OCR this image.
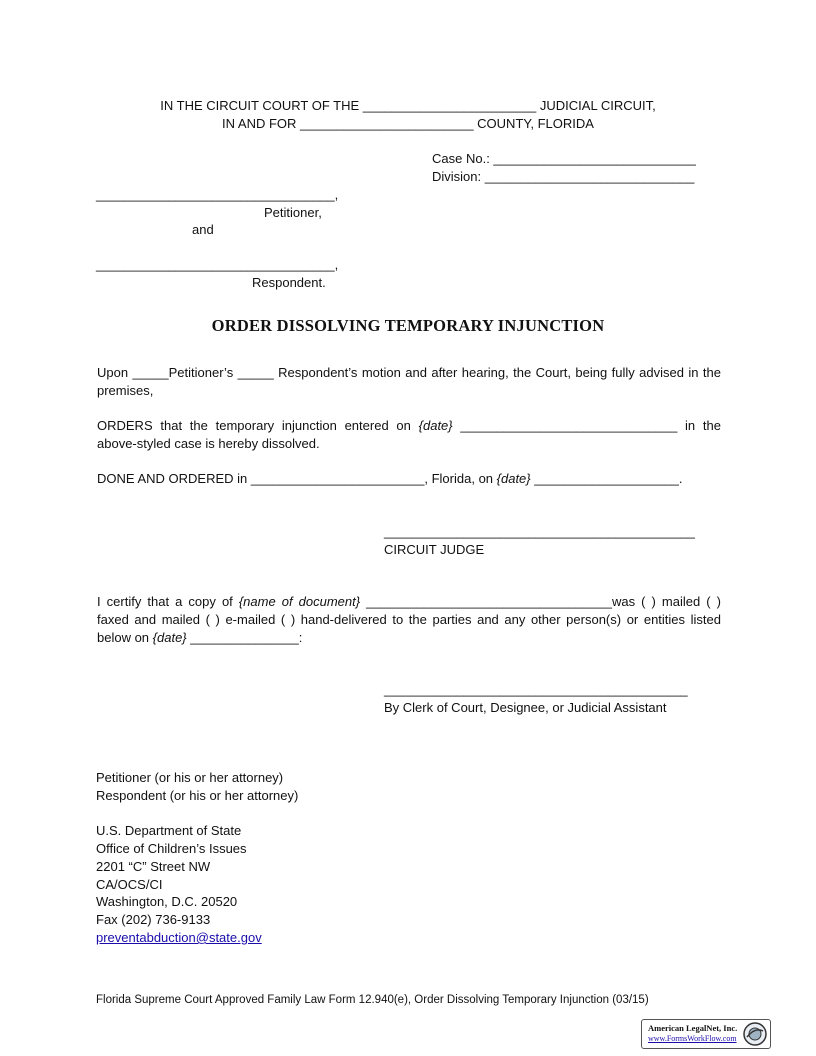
IN THE CIRCUIT COURT OF THE ________________________ JUDICIAL CIRCUIT,
IN AND FOR ________________________ COUNTY, FLORIDA
Case No.: ____________________________
Division: _____________________________
_________________________________,
Petitioner,
and
_________________________________,
Respondent.
ORDER DISSOLVING TEMPORARY INJUNCTION
Upon _____Petitioner’s _____ Respondent’s motion and after hearing, the Court, being fully advised in the premises,
ORDERS that the temporary injunction entered on {date} ______________________________ in the above-styled case is hereby dissolved.
DONE AND ORDERED in ________________________, Florida, on {date} ____________________.
___________________________________________
CIRCUIT JUDGE
I certify that a copy of {name of document} __________________________________was ( ) mailed ( ) faxed and mailed ( ) e-mailed ( ) hand-delivered to the parties and any other person(s) or entities listed below on {date} _______________:
__________________________________________
By Clerk of Court, Designee, or Judicial Assistant
Petitioner (or his or her attorney)
Respondent (or his or her attorney)
U.S. Department of State
Office of Children’s Issues
2201 “C” Street NW
CA/OCS/CI
Washington, D.C. 20520
Fax (202) 736-9133
preventabduction@state.gov
Florida Supreme Court Approved Family Law Form 12.940(e), Order Dissolving Temporary Injunction (03/15)
American LegalNet, Inc.
www.FormsWorkFlow.com
